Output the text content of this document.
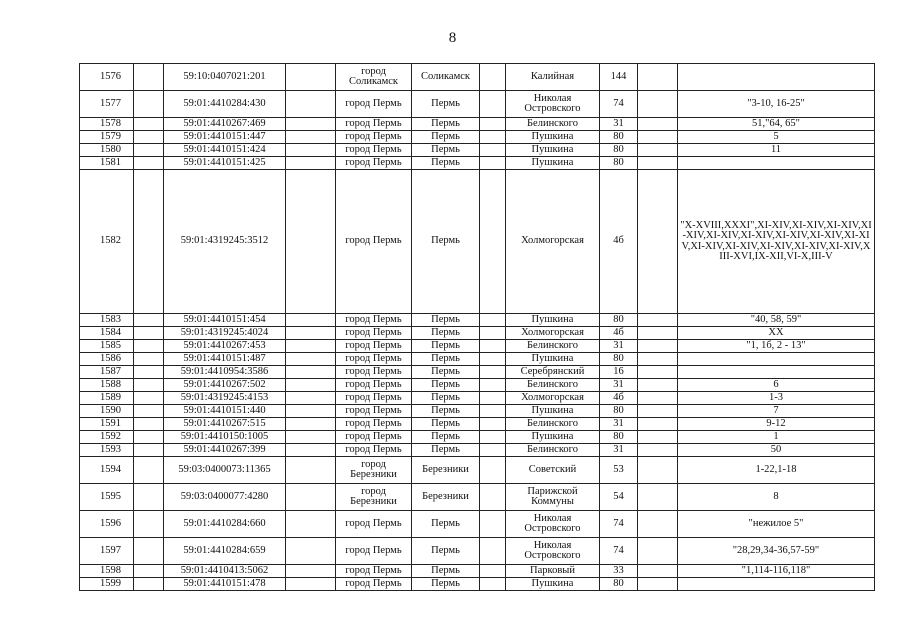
8
1576		59:10:0407021:201		город Соликамск	Соликамск		Калийная	144		
1577		59:01:4410284:430		город Пермь	Пермь		Николая Островского	74		"3-10, 16-25"
1578		59:01:4410267:469		город Пермь	Пермь		Белинского	31		51,"64, 65"
1579		59:01:4410151:447		город Пермь	Пермь		Пушкина	80		5
1580		59:01:4410151:424		город Пермь	Пермь		Пушкина	80		11
1581		59:01:4410151:425		город Пермь	Пермь		Пушкина	80		
1582		59:01:4319245:3512		город Пермь	Пермь		Холмогорская	4б		"X-XVIII,XXXI",XI-XIV,XI-XIV,XI-XIV,XI-XIV,XI-XIV,XI-XIV,XI-XIV,XI-XIV,XI-XIV,XI-XIV,XI-XIV,XI-XIV,XI-XIV,XI-XIV,XIII-XVI,IX-XII,VI-X,III-V
1583		59:01:4410151:454		город Пермь	Пермь		Пушкина	80		"40, 58, 59"
1584		59:01:4319245:4024		город Пермь	Пермь		Холмогорская	4б		XX
1585		59:01:4410267:453		город Пермь	Пермь		Белинского	31		"1, 1б, 2 - 13"
1586		59:01:4410151:487		город Пермь	Пермь		Пушкина	80		
1587		59:01:4410954:3586		город Пермь	Пермь		Серебрянский	16		
1588		59:01:4410267:502		город Пермь	Пермь		Белинского	31		6
1589		59:01:4319245:4153		город Пермь	Пермь		Холмогорская	4б		1-3
1590		59:01:4410151:440		город Пермь	Пермь		Пушкина	80		7
1591		59:01:4410267:515		город Пермь	Пермь		Белинского	31		9-12
1592		59:01:4410150:1005		город Пермь	Пермь		Пушкина	80		1
1593		59:01:4410267:399		город Пермь	Пермь		Белинского	31		50
1594		59:03:0400073:11365		город Березники	Березники		Советский	53		1-22,1-18
1595		59:03:0400077:4280		город Березники	Березники		Парижской Коммуны	54		8
1596		59:01:4410284:660		город Пермь	Пермь		Николая Островского	74		"нежилое 5"
1597		59:01:4410284:659		город Пермь	Пермь		Николая Островского	74		"28,29,34-36,57-59"
1598		59:01:4410413:5062		город Пермь	Пермь		Парковый	33		"1,114-116,118"
1599		59:01:4410151:478		город Пермь	Пермь		Пушкина	80		
